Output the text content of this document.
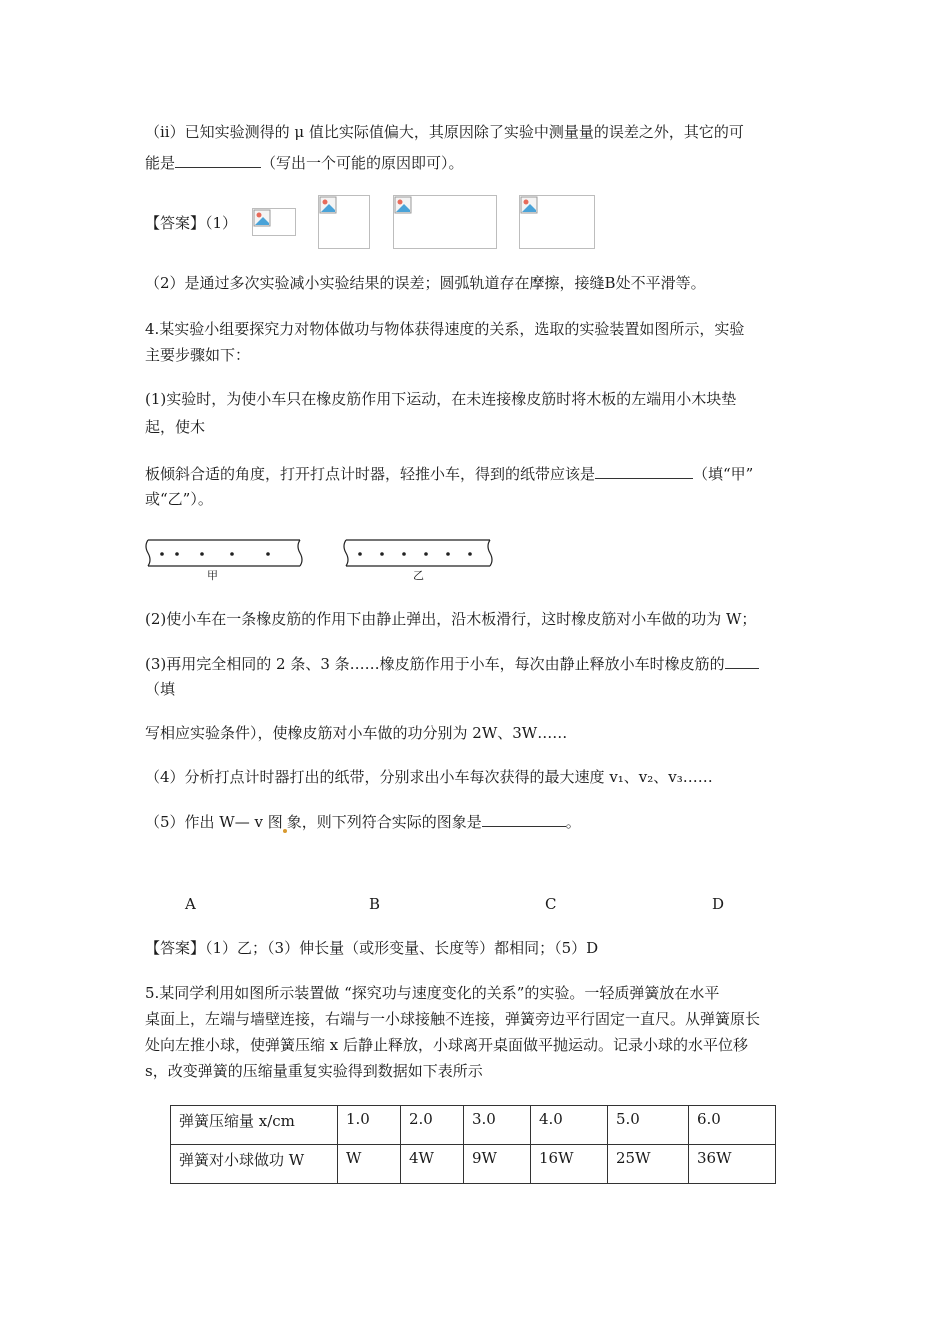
（ii）已知实验测得的 μ 值比实际值偏大，其原因除了实验中测量量的误差之外，其它的可
能是	（写出一个可能的原因即可）。
【答案】（1）
（2）是通过多次实验减小实验结果的误差；圆弧轨道存在摩擦，接缝B处不平滑等。
4.某实验小组要探究力对物体做功与物体获得速度的关系，选取的实验装置如图所示，实验
主要步骤如下：
(1)实验时，为使小车只在橡皮筋作用下运动，在未连接橡皮筋时将木板的左端用小木块垫
起，使木
板倾斜合适的角度，打开打点计时器，轻推小车，得到的纸带应该是	（填“甲”
或“乙”）。
甲	乙
(2)使小车在一条橡皮筋的作用下由静止弹出，沿木板滑行，这时橡皮筋对小车做的功为 W；
(3)再用完全相同的 2 条、3 条……橡皮筋作用于小车，每次由静止释放小车时橡皮筋的
（填
写相应实验条件），使橡皮筋对小车做的功分别为 2W、3W……
（4）分析打点计时器打出的纸带，分别求出小车每次获得的最大速度 v₁、v₂、v₃……
（5）作出 W— v 图 象，则下列符合实际的图象是	。
A	B	C	D
【答案】（1）乙；（3）伸长量（或形变量、长度等）都相同；（5）D
5.某同学利用如图所示装置做 “探究功与速度变化的关系”的实验。一轻质弹簧放在水平
桌面上，左端与墙壁连接，右端与一小球接触不连接，弹簧旁边平行固定一直尺。从弹簧原长
处向左推小球，使弹簧压缩 x 后静止释放，小球离开桌面做平抛运动。记录小球的水平位移
s，改变弹簧的压缩量重复实验得到数据如下表所示
弹簧压缩量 x/cm	1.0	2.0	3.0	4.0	5.0	6.0
弹簧对小球做功 W	W	4W	9W	16W	25W	36W
